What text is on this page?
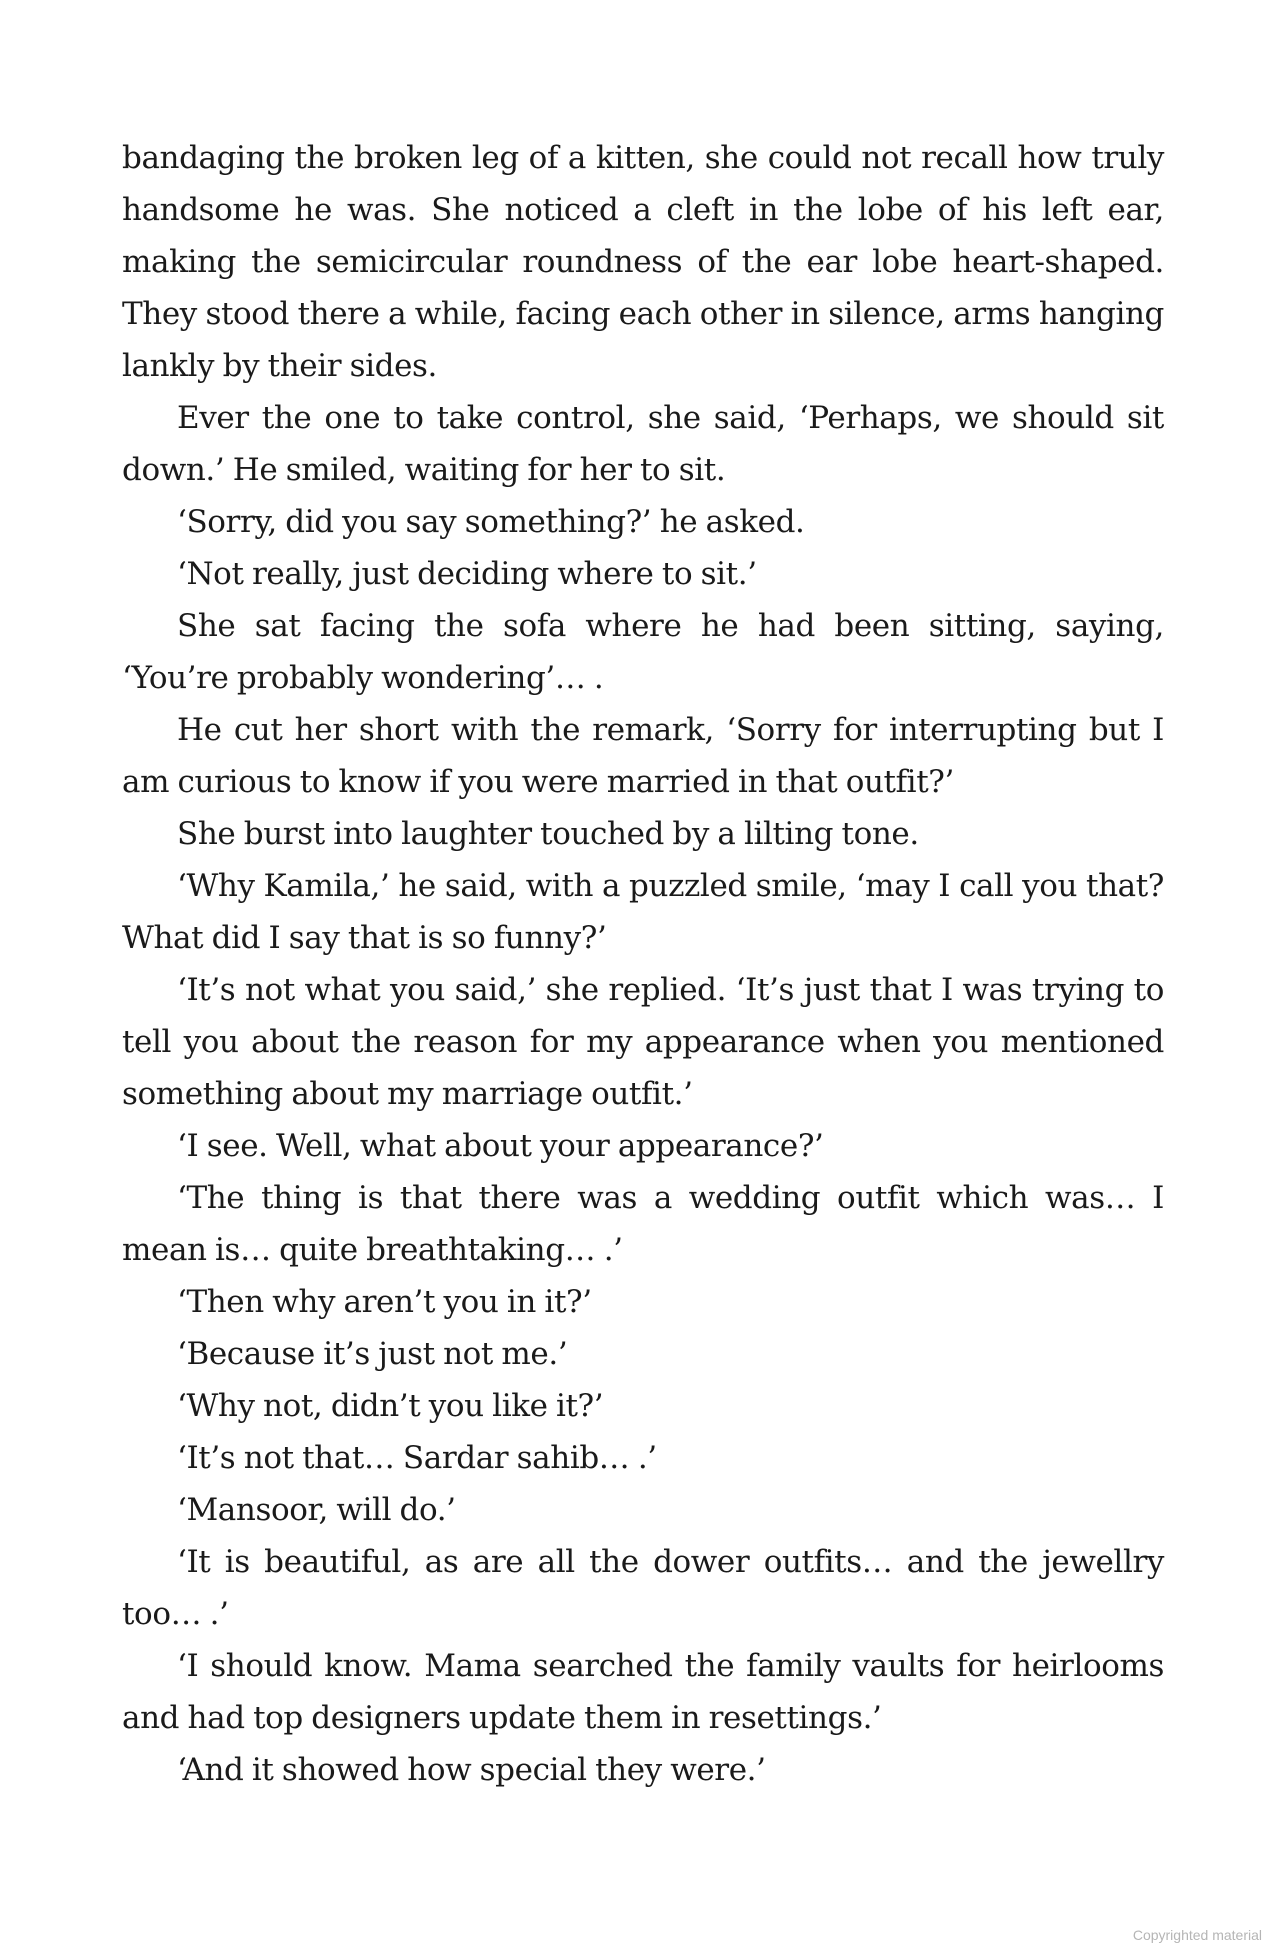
bandaging the broken leg of a kitten, she could not recall how truly handsome he was. She noticed a cleft in the lobe of his left ear, making the semicircular roundness of the ear lobe heart-shaped. They stood there a while, facing each other in silence, arms hanging lankly by their sides.

Ever the one to take control, she said, ‘Perhaps, we should sit down.’ He smiled, waiting for her to sit.

‘Sorry, did you say something?’ he asked.

‘Not really, just deciding where to sit.’

She sat facing the sofa where he had been sitting, saying, ‘You’re probably wondering’… .

He cut her short with the remark, ‘Sorry for interrupting but I am curious to know if you were married in that outfit?’

She burst into laughter touched by a lilting tone.

‘Why Kamila,’ he said, with a puzzled smile, ‘may I call you that? What did I say that is so funny?’

‘It’s not what you said,’ she replied. ‘It’s just that I was trying to tell you about the reason for my appearance when you mentioned something about my marriage outfit.’

‘I see. Well, what about your appearance?’

‘The thing is that there was a wedding outfit which was… I mean is… quite breathtaking… .’

‘Then why aren’t you in it?’

‘Because it’s just not me.’

‘Why not, didn’t you like it?’

‘It’s not that… Sardar sahib… .’

‘Mansoor, will do.’

‘It is beautiful, as are all the dower outfits… and the jewellry too… .’

‘I should know. Mama searched the family vaults for heirlooms and had top designers update them in resettings.’

‘And it showed how special they were.’

Copyrighted material
